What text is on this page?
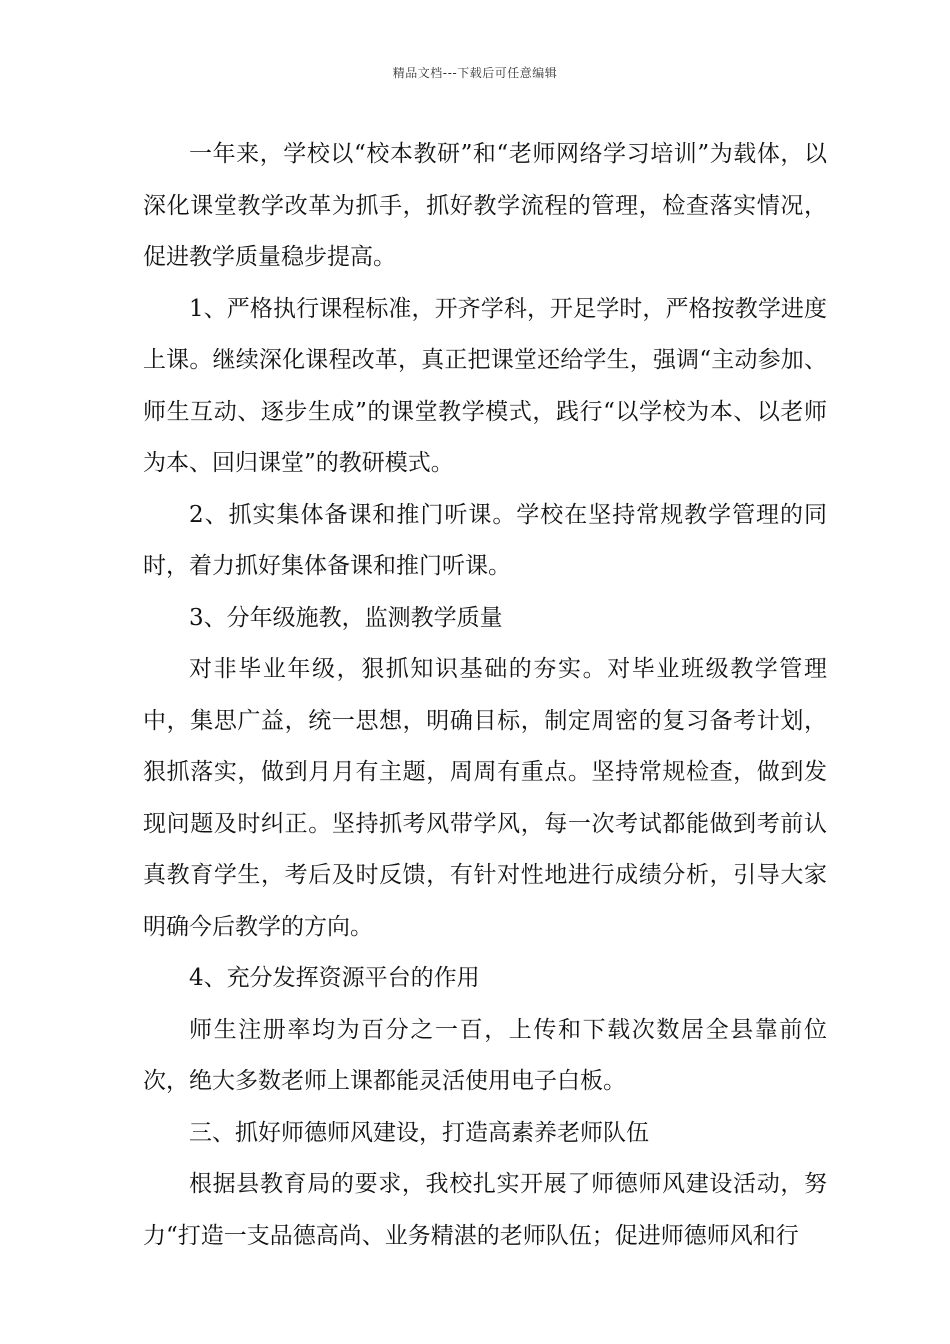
精品文档---下载后可任意编辑

一年来，学校以“校本教研”和“老师网络学习培训”为载体，以深化课堂教学改革为抓手，抓好教学流程的管理，检查落实情况，促进教学质量稳步提高。

1、严格执行课程标准，开齐学科，开足学时，严格按教学进度上课。继续深化课程改革，真正把课堂还给学生，强调“主动参加、师生互动、逐步生成”的课堂教学模式，践行“以学校为本、以老师为本、回归课堂”的教研模式。

2、抓实集体备课和推门听课。学校在坚持常规教学管理的同时，着力抓好集体备课和推门听课。

3、分年级施教，监测教学质量

对非毕业年级，狠抓知识基础的夯实。对毕业班级教学管理中，集思广益，统一思想，明确目标，制定周密的复习备考计划，狠抓落实，做到月月有主题，周周有重点。坚持常规检查，做到发现问题及时纠正。坚持抓考风带学风，每一次考试都能做到考前认真教育学生，考后及时反馈，有针对性地进行成绩分析，引导大家明确今后教学的方向。

4、充分发挥资源平台的作用

师生注册率均为百分之一百，上传和下载次数居全县靠前位次，绝大多数老师上课都能灵活使用电子白板。

三、抓好师德师风建设，打造高素养老师队伍

根据县教育局的要求，我校扎实开展了师德师风建设活动，努力“打造一支品德高尚、业务精湛的老师队伍；促进师德师风和行
